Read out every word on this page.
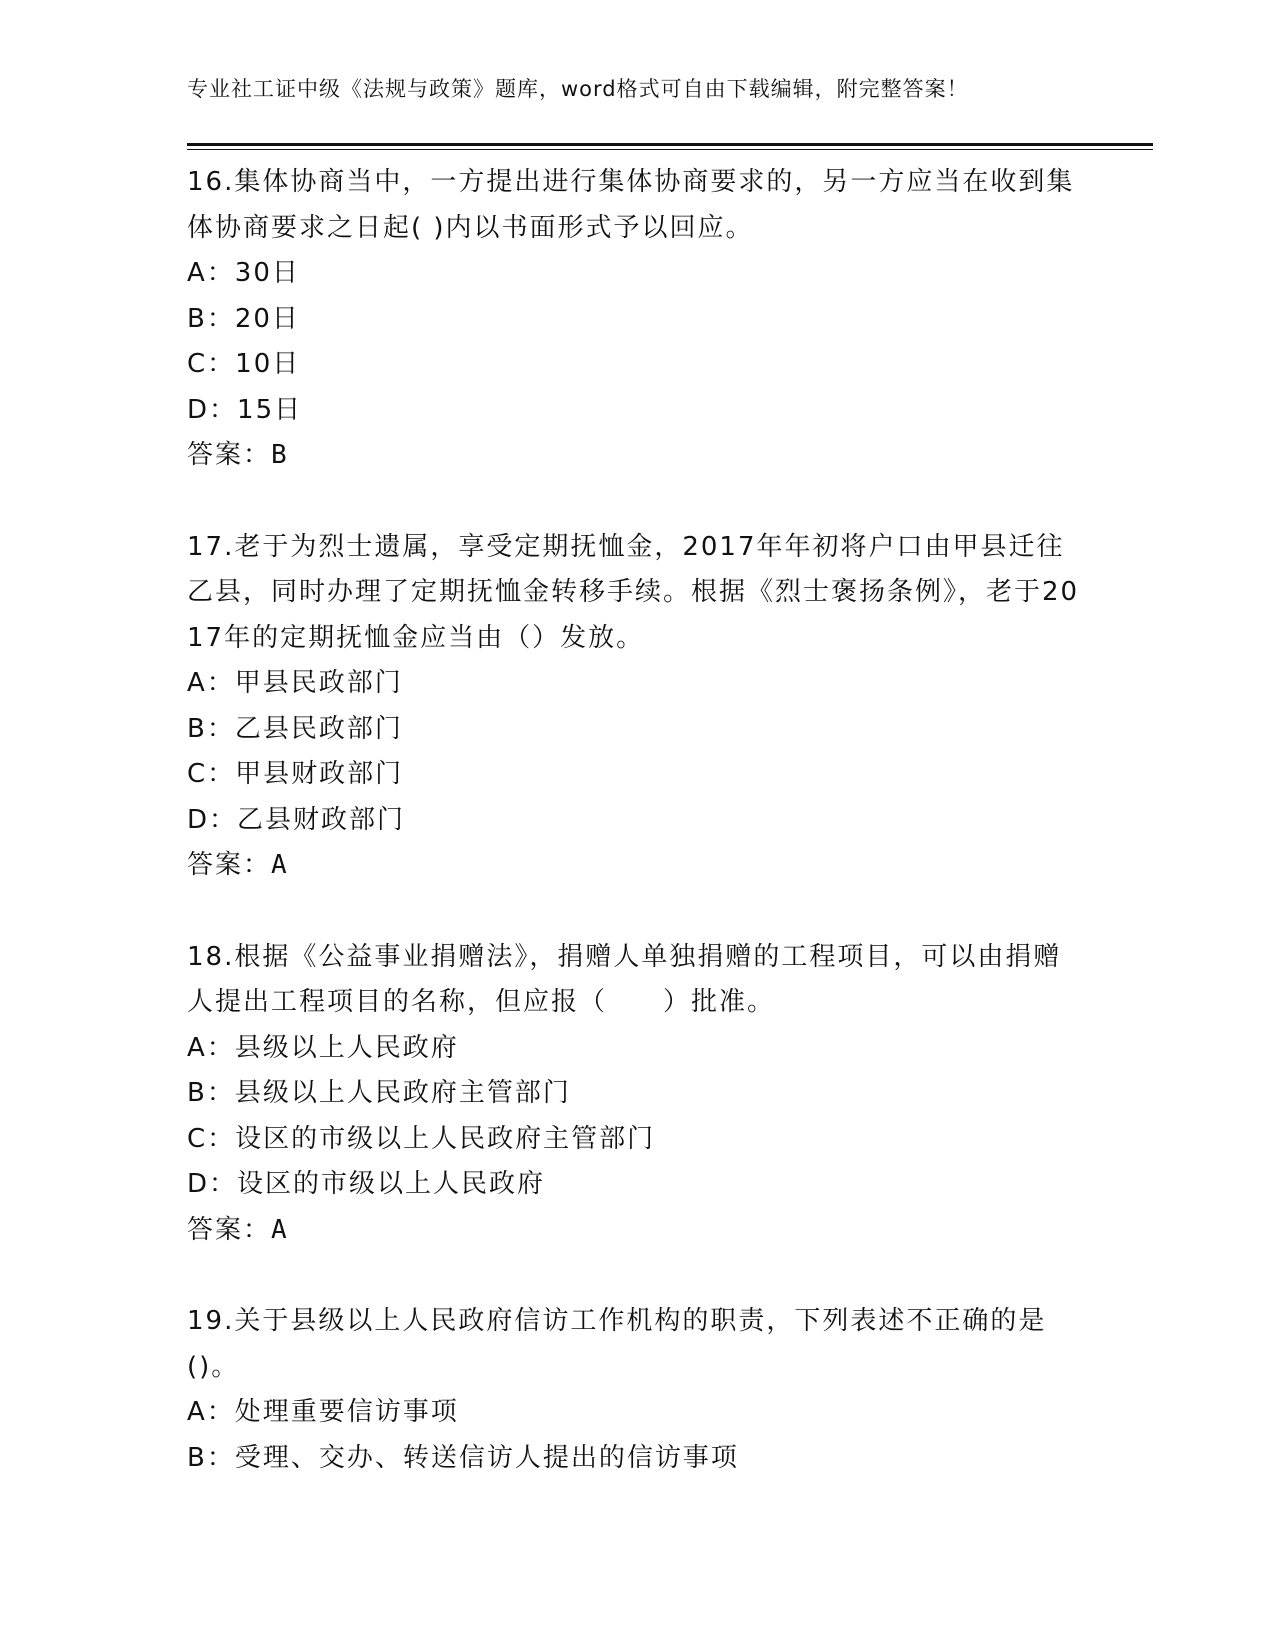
专业社工证中级《法规与政策》题库，word格式可自由下载编辑，附完整答案！
16.集体协商当中，一方提出进行集体协商要求的，另一方应当在收到集体协商要求之日起( )内以书面形式予以回应。
A：30日
B：20日
C：10日
D：15日
答案：B
17.老于为烈士遗属，享受定期抚恤金，2017年年初将户口由甲县迁往乙县，同时办理了定期抚恤金转移手续。根据《烈士褒扬条例》，老于2017年的定期抚恤金应当由（）发放。
A：甲县民政部门
B：乙县民政部门
C：甲县财政部门
D：乙县财政部门
答案：A
18.根据《公益事业捐赠法》，捐赠人单独捐赠的工程项目，可以由捐赠人提出工程项目的名称，但应报（　　）批准。
A：县级以上人民政府
B：县级以上人民政府主管部门
C：设区的市级以上人民政府主管部门
D：设区的市级以上人民政府
答案：A
19.关于县级以上人民政府信访工作机构的职责，下列表述不正确的是()。
A：处理重要信访事项
B：受理、交办、转送信访人提出的信访事项
